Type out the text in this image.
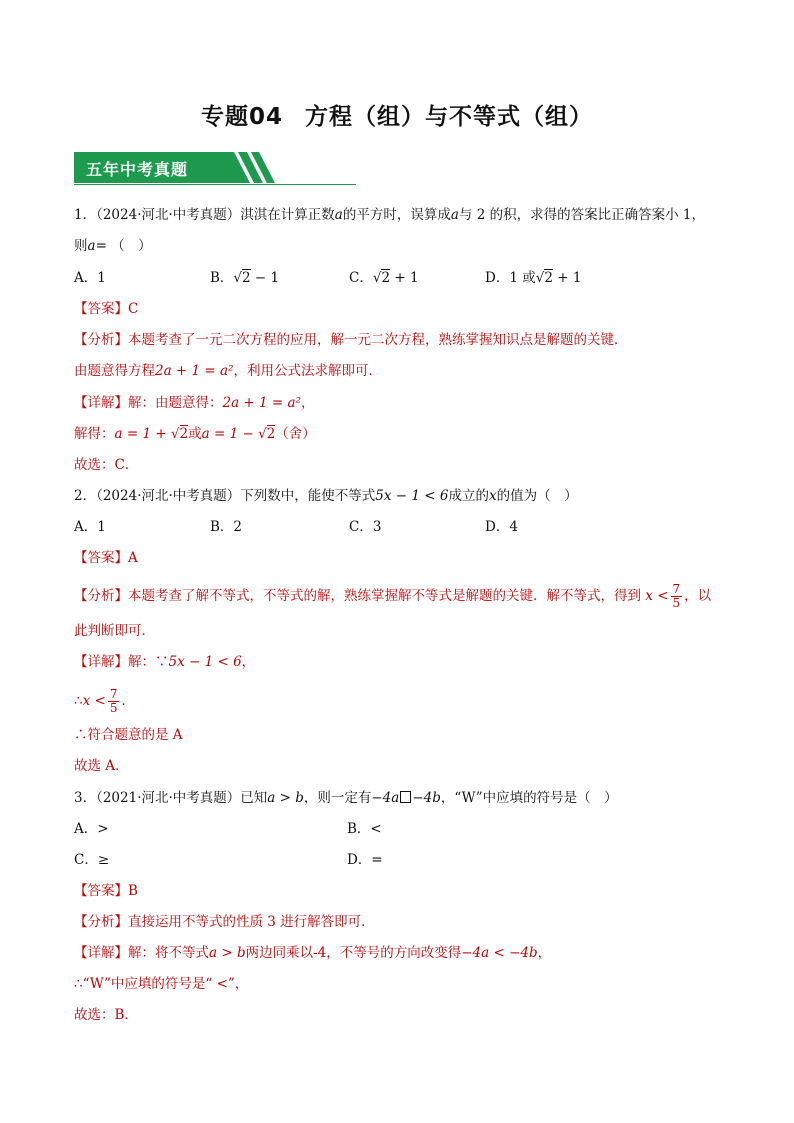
专题04 方程（组）与不等式（组）
五年中考真题
1．（2024·河北·中考真题）淇淇在计算正数a的平方时，误算成a与 2 的积，求得的答案比正确答案小 1，
则a= （　）
A．1	B．√2 − 1	C．√2 + 1	D．1 或√2 + 1
【答案】C
【分析】本题考查了一元二次方程的应用，解一元二次方程，熟练掌握知识点是解题的关键．
由题意得方程2a + 1 = a²，利用公式法求解即可．
【详解】解：由题意得：2a + 1 = a²，
解得：a = 1 + √2或a = 1 − √2（舍）
故选：C．
2．（2024·河北·中考真题）下列数中，能使不等式5x − 1 < 6成立的x的值为（　）
A．1	B．2	C．3	D．4
【答案】A
【分析】本题考查了解不等式，不等式的解，熟练掌握解不等式是解题的关键．解不等式，得到 $x < \frac{7}{5}$ ，以
此判断即可．
【详解】解：∵5x − 1 < 6，
∴x < $\frac{7}{5}$ ．
∴符合题意的是 A
故选 A．
3．（2021·河北·中考真题）已知a > b，则一定有−4a −4b，“W”中应填的符号是（　）
A．>	B．<
C．≥	D．=
【答案】B
【分析】直接运用不等式的性质 3 进行解答即可．
【详解】解：将不等式a > b两边同乘以-4，不等号的方向改变得−4a < −4b，
∴“W”中应填的符号是“ <”，
故选：B．
